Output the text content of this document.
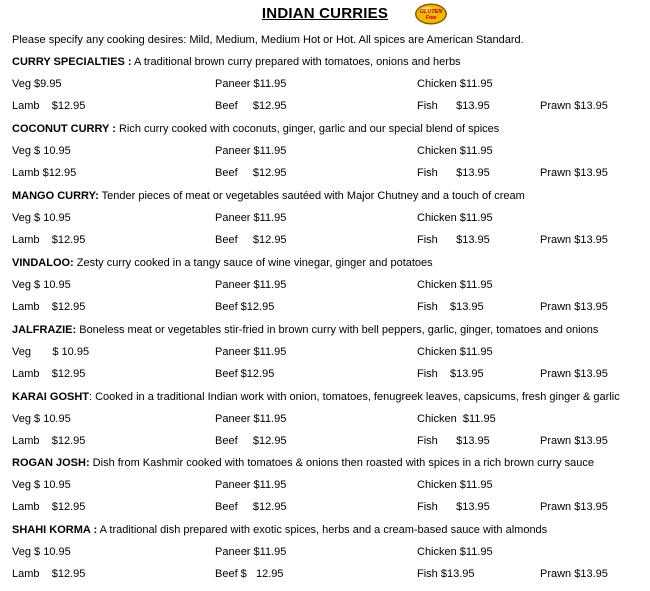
INDIAN CURRIES	GLUTEN
Free
Please specify any cooking desires: Mild, Medium, Medium Hot or Hot. All spices are American Standard.
CURRY SPECIALTIES : A traditional brown curry prepared with tomatoes, onions and herbs
Veg $9.95	Paneer $11.95	Chicken $11.95
Lamb    $12.95	Beef     $12.95	Fish      $13.95	Prawn $13.95
COCONUT CURRY : Rich curry cooked with coconuts, ginger, garlic and our special blend of spices
Veg $ 10.95	Paneer $11.95	Chicken $11.95
Lamb $12.95	Beef     $12.95	Fish      $13.95	Prawn $13.95
MANGO CURRY: Tender pieces of meat or vegetables sautéed with Major Chutney and a touch of cream
Veg $ 10.95	Paneer $11.95	Chicken $11.95
Lamb    $12.95	Beef     $12.95	Fish      $13.95	Prawn $13.95
VINDALOO: Zesty curry cooked in a tangy sauce of wine vinegar, ginger and potatoes
Veg $ 10.95	Paneer $11.95	Chicken $11.95
Lamb    $12.95	Beef $12.95	Fish    $13.95	Prawn $13.95
JALFRAZIE: Boneless meat or vegetables stir-fried in brown curry with bell peppers, garlic, ginger, tomatoes and onions
Veg       $ 10.95	Paneer $11.95	Chicken $11.95
Lamb    $12.95	Beef $12.95	Fish    $13.95	Prawn $13.95
KARAI GOSHT: Cooked in a traditional Indian work with onion, tomatoes, fenugreek leaves, capsicums, fresh ginger & garlic
Veg $ 10.95	Paneer $11.95	Chicken  $11.95
Lamb    $12.95	Beef     $12.95	Fish      $13.95	Prawn $13.95
ROGAN JOSH: Dish from Kashmir cooked with tomatoes & onions then roasted with spices in a rich brown curry sauce
Veg $ 10.95	Paneer $11.95	Chicken $11.95
Lamb    $12.95	Beef     $12.95	Fish      $13.95	Prawn $13.95
SHAHI KORMA : A traditional dish prepared with exotic spices, herbs and a cream-based sauce with almonds
Veg $ 10.95	Paneer $11.95	Chicken $11.95
Lamb    $12.95	Beef $   12.95	Fish $13.95	Prawn $13.95
